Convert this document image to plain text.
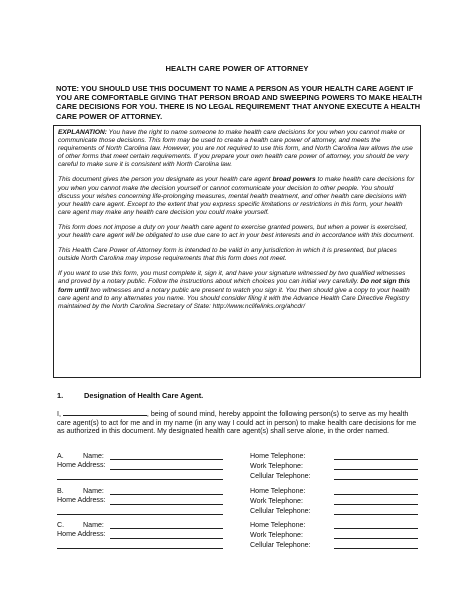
HEALTH CARE POWER OF ATTORNEY
NOTE: YOU SHOULD USE THIS DOCUMENT TO NAME A PERSON AS YOUR HEALTH CARE AGENT IF YOU ARE COMFORTABLE GIVING THAT PERSON BROAD AND SWEEPING POWERS TO MAKE HEALTH CARE DECISIONS FOR YOU. THERE IS NO LEGAL REQUIREMENT THAT ANYONE EXECUTE A HEALTH CARE POWER OF ATTORNEY.

EXPLANATION: You have the right to name someone to make health care decisions for you when you cannot make or communicate those decisions. This form may be used to create a health care power of attorney, and meets the requirements of North Carolina law. However, you are not required to use this form, and North Carolina law allows the use of other forms that meet certain requirements. If you prepare your own health care power of attorney, you should be very careful to make sure it is consistent with North Carolina law.

This document gives the person you designate as your health care agent broad powers to make health care decisions for you when you cannot make the decision yourself or cannot communicate your decision to other people. You should discuss your wishes concerning life-prolonging measures, mental health treatment, and other health care decisions with your health care agent. Except to the extent that you express specific limitations or restrictions in this form, your health care agent may make any health care decision you could make yourself.

This form does not impose a duty on your health care agent to exercise granted powers, but when a power is exercised, your health care agent will be obligated to use due care to act in your best interests and in accordance with this document.

This Health Care Power of Attorney form is intended to be valid in any jurisdiction in which it is presented, but places outside North Carolina may impose requirements that this form does not meet.

If you want to use this form, you must complete it, sign it, and have your signature witnessed by two qualified witnesses and proved by a notary public. Follow the instructions about which choices you can initial very carefully. Do not sign this form until two witnesses and a notary public are present to watch you sign it. You then should give a copy to your health care agent and to any alternates you name. You should consider filing it with the Advance Health Care Directive Registry maintained by the North Carolina Secretary of State: http://www.nclifelinks.org/ahcdr/

1.	Designation of Health Care Agent.
I,	, being of sound mind, hereby appoint the following person(s) to serve as my health care agent(s) to act for me and in my name (in any way I could act in person) to make health care decisions for me as authorized in this document. My designated health care agent(s) shall serve alone, in the order named.
A.	Name:
Home Address:
Home Telephone:
Work Telephone:
Cellular Telephone:
B.	Name:
Home Address:
Home Telephone:
Work Telephone:
Cellular Telephone:
C.	Name:
Home Address:
Home Telephone:
Work Telephone:
Cellular Telephone:
